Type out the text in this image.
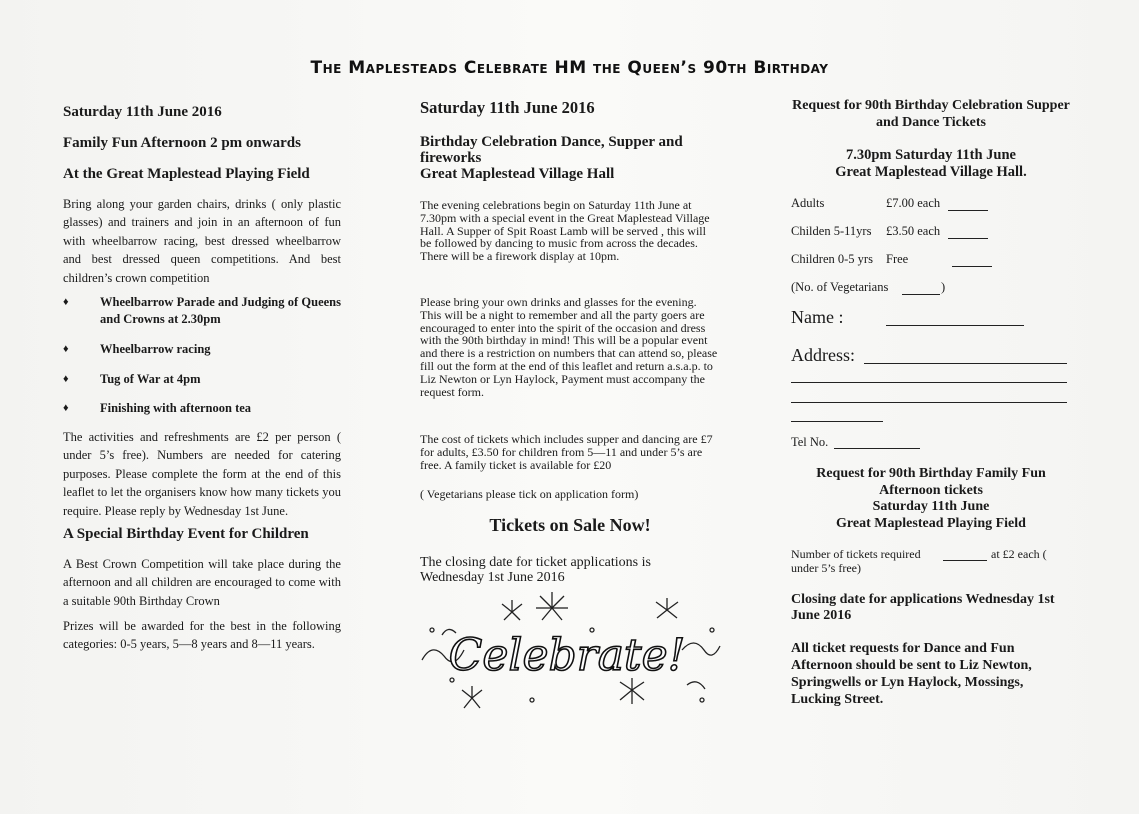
The Maplesteads Celebrate HM the Queen’s 90th Birthday

Saturday 11th June 2016

Family Fun Afternoon 2 pm onwards

At the Great Maplestead Playing Field

Bring along your garden chairs, drinks ( only plastic glasses) and trainers and join in an afternoon of fun with wheelbarrow racing, best dressed wheelbarrow and best dressed queen competitions. And best children’s crown competition

♦	Wheelbarrow Parade and Judging of Queens and Crowns at 2.30pm
♦	Wheelbarrow racing
♦	Tug of War at 4pm
♦	Finishing with afternoon tea

The activities and refreshments are £2 per person ( under 5’s free). Numbers are needed for catering purposes. Please complete the form at the end of this leaflet to let the organisers know how many tickets you require. Please reply by Wednesday 1st June.

A Special Birthday Event for Children

A Best Crown Competition will take place during the afternoon and all children are encouraged to come with a suitable 90th Birthday Crown

Prizes will be awarded for the best in the following categories: 0-5 years, 5—8 years and 8—11 years.

Saturday 11th June 2016

Birthday Celebration Dance, Supper and fireworks

Great Maplestead Village Hall

The evening celebrations begin on Saturday 11th June at 7.30pm with a special event in the Great Maplestead Village Hall. A Supper of Spit Roast Lamb will be served , this will be followed by dancing to music from across the decades. There will be a firework display at 10pm.

Please bring your own drinks and glasses for the evening. This will be a night to remember and all the party goers are encouraged to enter into the spirit of the occasion and dress with the 90th birthday in mind! This will be a popular event and there is a restriction on numbers that can attend so, please fill out the form at the end of this leaflet and return a.s.a.p. to Liz Newton or Lyn Haylock, Payment must accompany the request form.

The cost of tickets which includes supper and dancing are £7 for adults, £3.50 for children from 5—11 and under 5’s are free. A family ticket is available for £20

( Vegetarians please tick on application form)

Tickets on Sale Now!

The closing date for ticket applications is Wednesday 1st June 2016

Celebrate!

Request for 90th Birthday Celebration Supper and Dance Tickets

7.30pm Saturday 11th June

Great Maplestead Village Hall.

Adults	£7.00 each
Childen 5-11yrs £3.50 each
Children 0-5 yrs Free
(No. of Vegetarians	)
Name :
Address:
Tel No.

Request for 90th Birthday Family Fun Afternoon tickets

Saturday 11th June

Great Maplestead Playing Field

Number of tickets required	at £2 each ( under 5’s free)

Closing date for applications Wednesday 1st June 2016

All ticket requests for Dance and Fun Afternoon should be sent to Liz Newton, Springwells or Lyn Haylock, Mossings, Lucking Street.
